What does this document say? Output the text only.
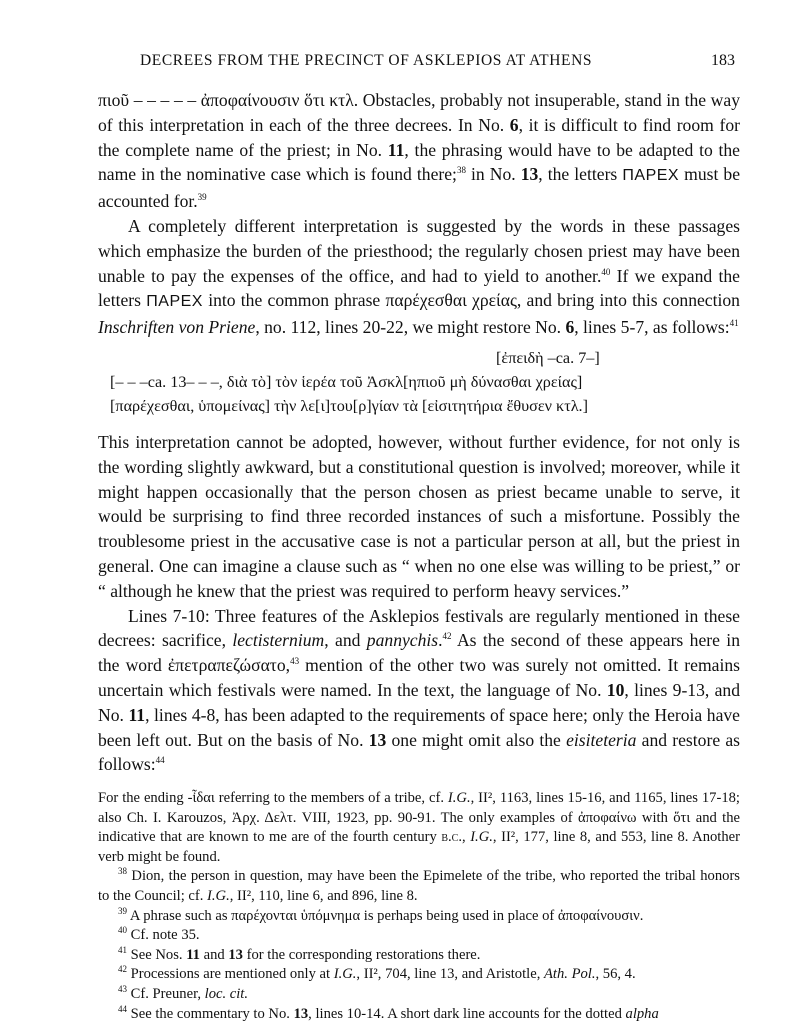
DECREES FROM THE PRECINCT OF ASKLEPIOS AT ATHENS	183

πιοῦ – – – – – ἀποφαίνουσιν ὅτι κτλ. Obstacles, probably not insuperable, stand in the way of this interpretation in each of the three decrees. In No. 6, it is difficult to find room for the complete name of the priest; in No. 11, the phrasing would have to be adapted to the name in the nominative case which is found there;$^{38}$ in No. 13, the letters ΠΑΡΕΧ must be accounted for.$^{39}$

A completely different interpretation is suggested by the words in these passages which emphasize the burden of the priesthood; the regularly chosen priest may have been unable to pay the expenses of the office, and had to yield to another.$^{40}$ If we expand the letters ΠΑΡΕΧ into the common phrase παρέχεσθαι χρείας, and bring into this connection Inschriften von Priene, no. 112, lines 20-22, we might restore No. 6, lines 5-7, as follows:$^{41}$

[ἐπειδὴ –ca. 7–]
[– – –ca. 13– – –, διὰ τὸ] τὸν ἱερέα τοῦ Ἀσκλ[ηπιοῦ μὴ δύνασθαι χρείας]
[παρέχεσθαι, ὑπομείνας] τὴν λε[ι]του[ρ]γίαν τὰ [εἰσιτητήρια ἔθυσεν κτλ.]

This interpretation cannot be adopted, however, without further evidence, for not only is the wording slightly awkward, but a constitutional question is involved; moreover, while it might happen occasionally that the person chosen as priest became unable to serve, it would be surprising to find three recorded instances of such a misfortune. Possibly the troublesome priest in the accusative case is not a particular person at all, but the priest in general. One can imagine a clause such as “ when no one else was willing to be priest,” or “ although he knew that the priest was required to perform heavy services.”

Lines 7-10: Three features of the Asklepios festivals are regularly mentioned in these decrees: sacrifice, lectisternium, and pannychis.$^{42}$ As the second of these appears here in the word ἐπετραπεζώσατο,$^{43}$ mention of the other two was surely not omitted. It remains uncertain which festivals were named. In the text, the language of No. 10, lines 9-13, and No. 11, lines 4-8, has been adapted to the requirements of space here; only the Heroia have been left out. But on the basis of No. 13 one might omit also the eisiteteria and restore as follows:$^{44}$

For the ending -ἶδαι referring to the members of a tribe, cf. I.G., II², 1163, lines 15-16, and 1165, lines 17-18; also Ch. I. Karouzos, Ἀρχ. Δελτ. VIII, 1923, pp. 90-91. The only examples of ἀποφαίνω with ὅτι and the indicative that are known to me are of the fourth century b.c., I.G., II², 177, line 8, and 553, line 8. Another verb might be found.

$^{38}$ Dion, the person in question, may have been the Epimelete of the tribe, who reported the tribal honors to the Council; cf. I.G., II², 110, line 6, and 896, line 8.

$^{39}$ A phrase such as παρέχονται ὑπόμνημα is perhaps being used in place of ἀποφαίνουσιν.

$^{40}$ Cf. note 35.

$^{41}$ See Nos. 11 and 13 for the corresponding restorations there.

$^{42}$ Processions are mentioned only at I.G., II², 704, line 13, and Aristotle, Ath. Pol., 56, 4.

$^{43}$ Cf. Preuner, loc. cit.

$^{44}$ See the commentary to No. 13, lines 10-14. A short dark line accounts for the dotted alpha
